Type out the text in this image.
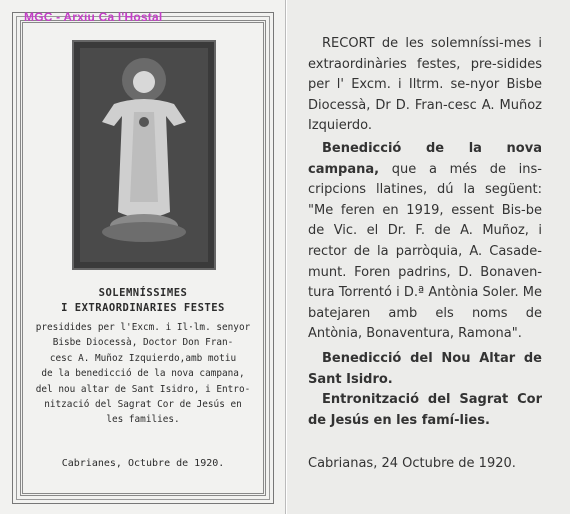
SOLEMNÍSSIMES
I EXTRAORDINARIES FESTES
presidides per l'Excm. i Il·lm. senyor
Bisbe Diocessà, Doctor Don Fran-
cesc A. Muñoz Izquierdo,amb motiu
de la benedicció de la nova campana,
del nou altar de Sant Isidro, i Entro-
nització del Sagrat Cor de Jesús en
les families.
Cabrianes, Octubre de 1920.
MGC - Arxiu Ca l'Hostal

RECORT de les solemníssi-mes i extraordinàries festes, pre-sidides per l' Excm. i Iltrm. se-nyor Bisbe Diocessà, Dr D. Fran-cesc A. Muñoz Izquierdo.

Benedicció de la nova campana, que a més de ins-cripcions llatines, dú la següent: "Me feren en 1919, essent Bis-be de Vic. el Dr. F. de A. Muñoz, i rector de la parròquia, A. Casade-munt. Foren padrins, D. Bonaven-tura Torrentó i D.ª Antònia Soler. Me batejaren amb els noms de Antònia, Bonaventura, Ramona".

Benedicció del Nou Altar de Sant Isidro.

Entronització del Sagrat Cor de Jesús en les famí-lies.

Cabrianas, 24 Octubre de 1920.
